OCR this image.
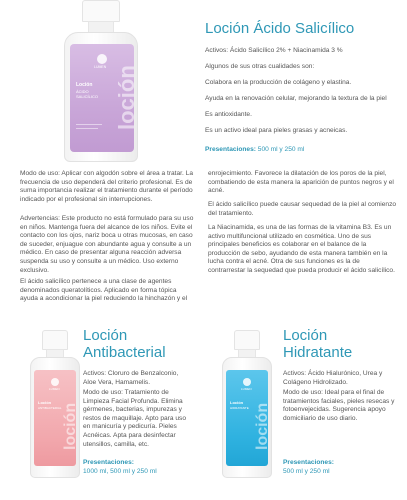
loción
LUMEN
Loción
ÁCIDO
SALICÍLICO
Loción Ácido Salicílico
Activos: Ácido Salicílico 2% + Niacinamida 3 %
Algunos de sus otras cualidades son:
Colabora en la producción de colágeno y elastina.
Ayuda en la renovación celular, mejorando la textura de la piel
Es antioxidante.
Es un activo ideal para pieles grasas y acneicas.
Presentaciones: 500 ml y 250 ml
Modo de uso: Aplicar con algodón sobre el área a tratar. La frecuencia de uso dependerá del criterio profesional. Es de suma importancia realizar el tratamiento durante el período indicado por el profesional sin interrupciones.
Advertencias: Este producto no está formulado para su uso en niños. Mantenga fuera del alcance de los niños. Evite el contacto con los ojos, nariz boca u otras mucosas, en caso de suceder, enjuague con abundante agua y consulte a un médico. En caso de presentar alguna reacción adversa suspenda su uso y consulte a un médico. Uso externo exclusivo.
El ácido salicílico pertenece a una clase de agentes denominados queratolíticos. Aplicado en forma tópica ayuda a acondicionar la piel reduciendo la hinchazón y el
enrojecimiento. Favorece la dilatación de los poros de la piel, combatiendo de esta manera la aparición de puntos negros y el acné.
El ácido salicílico puede causar sequedad de la piel al comienzo del tratamiento.
La Niacinamida, es una de las formas de la vitamina B3. Es un activo multifuncional utilizado en cosmética. Uno de sus principales beneficios es colaborar en el balance de la producción de sebo, ayudando de esta manera también en la lucha contra el acné. Otra de sus funciones es la de contrarrestar la sequedad que pueda producir el ácido salicílico.
loción
LUMEN
Loción
ANTIBACTERIAL
Loción
Antibacterial
Activos: Cloruro de Benzalconio, Aloe Vera, Hamamelis.
Modo de uso: Tratamiento de Limpieza Facial Profunda. Elimina gérmenes, bacterias, impurezas y restos de maquillaje. Apto para uso en manicuría y pedicuría. Pieles Acnéicas. Apta para desinfectar utensillos, camilla, etc.
Presentaciones:
1000 ml, 500 ml y 250 ml
loción
LUMEN
Loción
HIDRATANTE
Loción
Hidratante
Activos: Ácido Hialurónico, Urea y Colágeno Hidrolizado.
Modo de uso: Ideal para el final de tratamientos faciales, pieles resecas y fotoenvejecidas. Sugerencia apoyo domiciliario de uso diario.
Presentaciones:
500 ml y 250 ml
